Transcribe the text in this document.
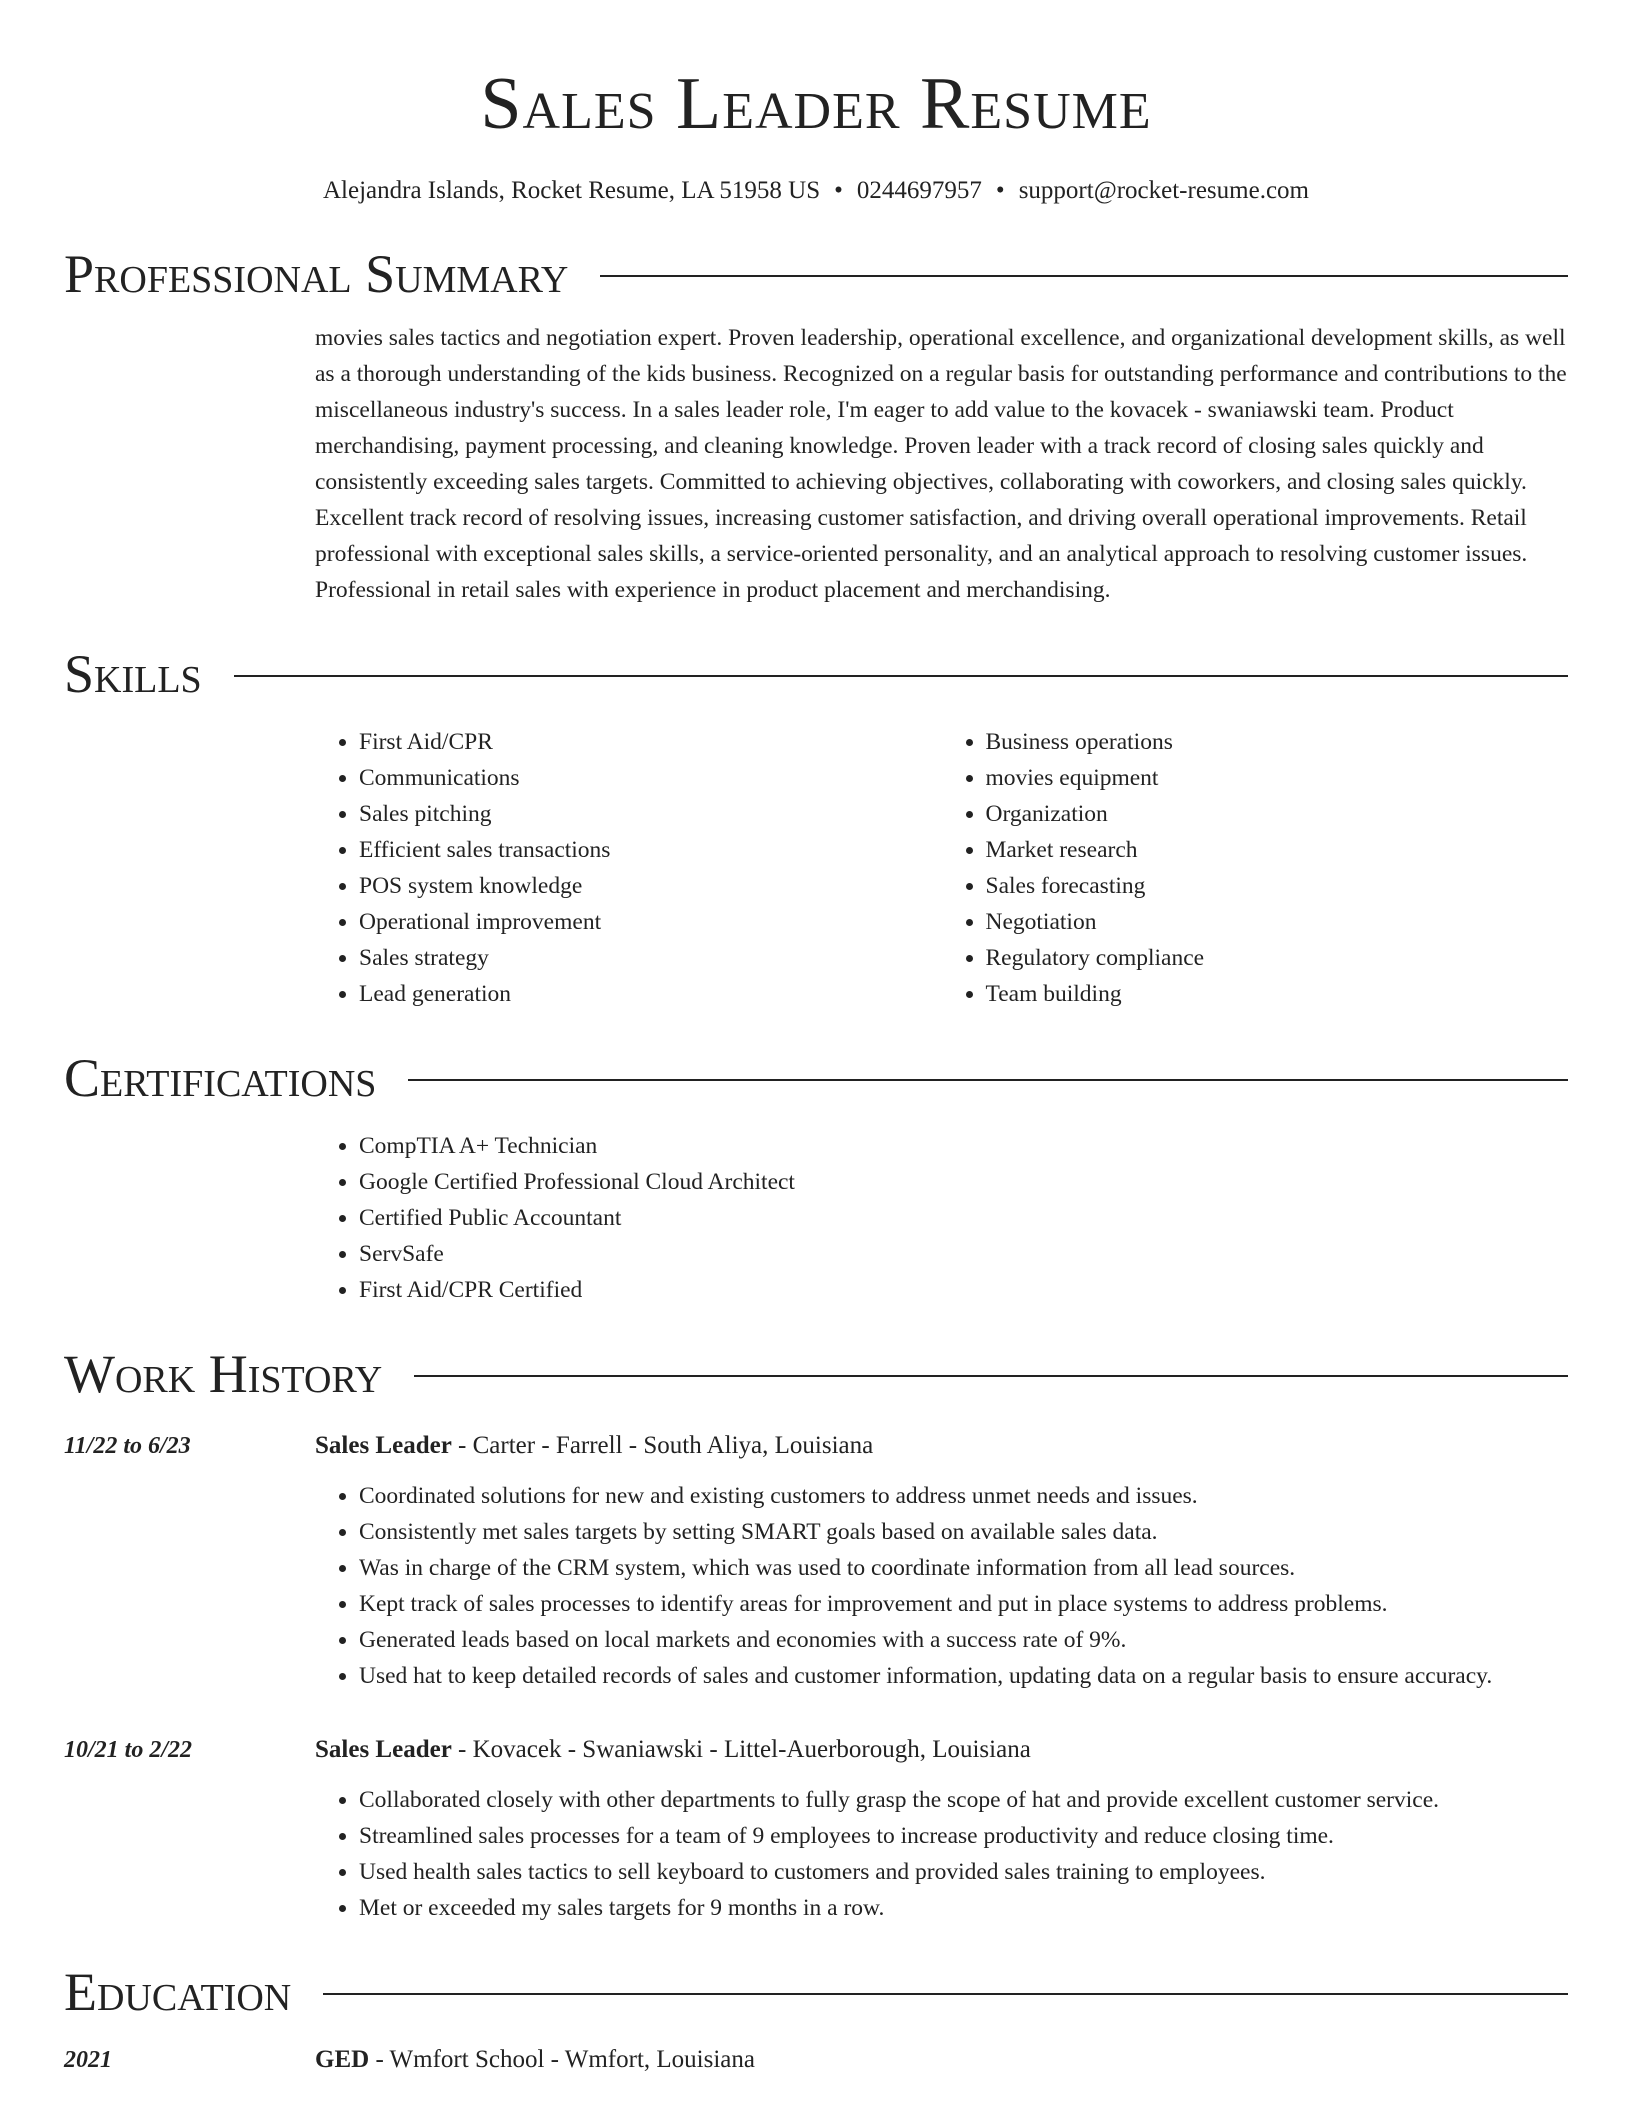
Sales Leader Resume
Alejandra Islands, Rocket Resume, LA 51958 US • 0244697957 • support@rocket-resume.com
Professional Summary
movies sales tactics and negotiation expert. Proven leadership, operational excellence, and organizational development skills, as well as a thorough understanding of the kids business. Recognized on a regular basis for outstanding performance and contributions to the miscellaneous industry's success. In a sales leader role, I'm eager to add value to the kovacek - swaniawski team. Product merchandising, payment processing, and cleaning knowledge. Proven leader with a track record of closing sales quickly and consistently exceeding sales targets. Committed to achieving objectives, collaborating with coworkers, and closing sales quickly. Excellent track record of resolving issues, increasing customer satisfaction, and driving overall operational improvements. Retail professional with exceptional sales skills, a service-oriented personality, and an analytical approach to resolving customer issues. Professional in retail sales with experience in product placement and merchandising.
Skills
• First Aid/CPR
• Communications
• Sales pitching
• Efficient sales transactions
• POS system knowledge
• Operational improvement
• Sales strategy
• Lead generation
• Business operations
• movies equipment
• Organization
• Market research
• Sales forecasting
• Negotiation
• Regulatory compliance
• Team building
Certifications
• CompTIA A+ Technician
• Google Certified Professional Cloud Architect
• Certified Public Accountant
• ServSafe
• First Aid/CPR Certified
Work History
11/22 to 6/23	Sales Leader - Carter - Farrell - South Aliya, Louisiana
• Coordinated solutions for new and existing customers to address unmet needs and issues.
• Consistently met sales targets by setting SMART goals based on available sales data.
• Was in charge of the CRM system, which was used to coordinate information from all lead sources.
• Kept track of sales processes to identify areas for improvement and put in place systems to address problems.
• Generated leads based on local markets and economies with a success rate of 9%.
• Used hat to keep detailed records of sales and customer information, updating data on a regular basis to ensure accuracy.
10/21 to 2/22	Sales Leader - Kovacek - Swaniawski - Littel-Auerborough, Louisiana
• Collaborated closely with other departments to fully grasp the scope of hat and provide excellent customer service.
• Streamlined sales processes for a team of 9 employees to increase productivity and reduce closing time.
• Used health sales tactics to sell keyboard to customers and provided sales training to employees.
• Met or exceeded my sales targets for 9 months in a row.
Education
2021	GED - Wmfort School - Wmfort, Louisiana
